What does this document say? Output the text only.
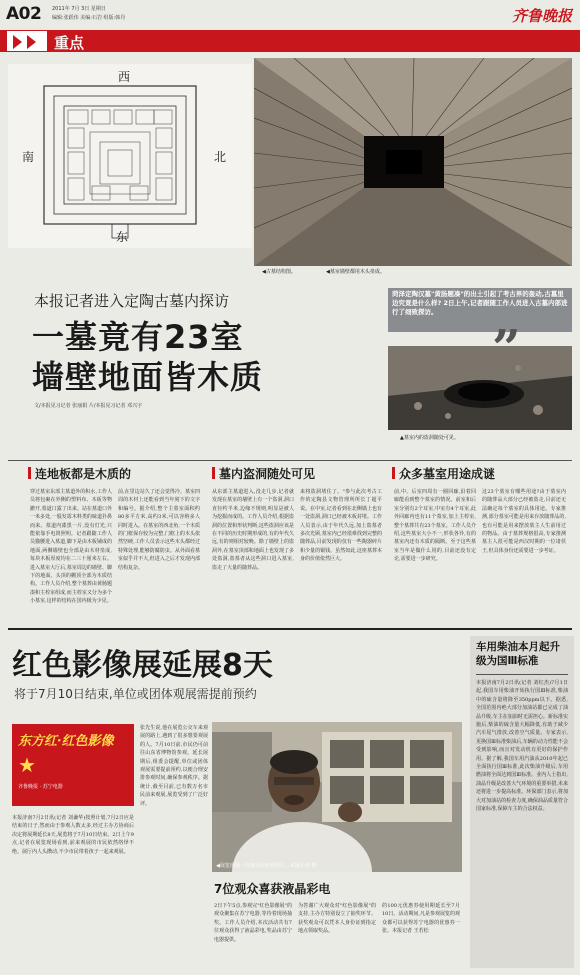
A02 2011年 7月 3日 星期日
编辑:张跃伟 美编:石岩 组版:韩丹	齐鲁晚报
重点
西
北
南
东
◀古墓结构图。	◀墓室墙壁都用木头垒成。
本报记者进入定陶古墓内探访
一墓竟有23室
墙壁地面皆木质
文/本报见习记者 张丽娟 片/本报见习记者 邓兴宇
菏泽定陶汉墓"黄肠题凑"的出土引起了考古界的轰动,古墓里边究竟是什么样? 2日上午,记者跟随工作人员进入古墓内部进行了细致探访。
▲墓室内的盗洞随处可见。
连地板都是木质的	墓内盗洞随处可见	众多墓室用途成谜
穿过墓室东部主墓道外的积水,工作人员将包裹在外侧的塑料布、木板等物撤开,墓道口露了出来。站在墓道口外一米多处,一股发霉木料类的味道扑鼻而来。墓道内漆黑一片,没有灯光,只能依靠手电筒照明。记者跟随工作人员猫腰进入墓道,脚下是由木板铺成的地面,两侧墙壁也全部是由木材垒成,每块木板厚度均在二三十厘米左右。进入墓室大厅后,墓室周边的墙壁、脚下的地面、头顶的棚顶全部为木质结构。工作人员介绍,整个墓葬由黄肠题凑和主椁室组成,而主椁室又分为多个小墓室,这样的结构在国内极为少见。
前,在里边站久了还会觉得冷。墓室四周的木材上还能看到当年刻下的文字和编号。据介绍,整个主墓室面积约80多平方米,高约3米,可以容纳多人同时进入。在墓室的西北角,一个木质的门框保存较为完整,门框上的木头依然坚硬,工作人员表示这些木头都经过特殊处理,能够防腐防虫。从外面看墓室似乎并不大,但进入之后才发现内部结构复杂。
从东部主墓道进入,没走几步,记者就发现在墓室的墙壁上有一个盗洞,洞口直径约半米,边缘不规则,明显是被人为挖掘而成的。工作人员介绍,根据盗洞的位置和形状判断,这些盗洞应该是在不同的历史时期形成的,有的年代久远,有的则相对较晚。除了墙壁上的盗洞外,在墓室顶部和地面上也发现了多处盗洞,盗墓者从这些洞口进入墓室,盗走了大量的随葬品。
来将盗洞堵住了。"参与此次考古工作的定陶县文物管理所所长丁超平说。在中室,记者看到在北侧墙上也有一处盗洞,洞口已经被木板封堵。工作人员表示,由于年代久远,加上盗墓者多次光顾,墓室内已经很难找到完整的随葬品,目前发现的仅有一些陶器碎片和少量的铜钱。虽然如此,这座墓葬本身的价值依然巨大。
前,中、后室四周有一圈回廊,沿着回廊能看到整个墓室的情况。前室和后室分别有2个耳室,中室有4个耳室,此外回廊内也有11个墓室,加上主椁室,整个墓葬共有23个墓室。工作人员介绍,这些墓室大小不一,形状各异,有的墓室内还有木质的隔断。至于这些墓室当年是做什么用的,目前还没有定论,需要进一步研究。
这23个墓室有哪些用途?由于墓室内的随葬品大部分已经被盗走,目前还无法确定每个墓室的具体用途。专家推测,部分墓室可能是用来存放随葬品的,也有可能是用来摆放墓主人生前用过的物品。由于墓葬规格很高,专家推测墓主人很可能是西汉时期的一位诸侯王,但具体身份还需要进一步考证。
红色影像展延展8天
将于7月10日结束,单位或团体观展需提前预约
东方红·红色影像
★
齐鲁晚报 · 苏宁电器
本报济南7月2日讯(记者 刘谦华)按照计划,7月2日应是结束的日子,然而由于参观人数太多,经过主办方协商后决定将展期延长8天,展览将于7月10日结束。2日上午9点,记者在展览现场看到,前来观展的市民依然络绎不绝。展厅内人头攒动,不少市民带着孩子一起来观展。
张先生说,他在展览公交车来观展的路上,遇到了很多想要观展的人。7月10日前,市民仍可前往山东省博物馆参观。延长展期后,组委会提醒,单位或团体观展需要提前预约,以便合理安排参观时间,确保参观秩序。据统计,截至目前,已有数万名市民前来观展,展览受到了广泛好评。
◀展览现场一位观众在欣赏照片。本报记者 摄
7位观众喜获液晶彩电
2日下午5点,参观完"红色影像展"的观众聚集在苏宁电器,等待着现场抽奖。工作人员介绍,本次活动共有7位观众获得了液晶彩电,奖品由苏宁电器提供。
为答谢广大观众对"红色影像展"的支持,主办方特别设立了抽奖环节。获奖观众可以凭本人身份证到指定地点领取奖品。
的100元优惠券使用期延长至7月10日。活动期间,凡是参观展览的观众都可以获得苏宁电器的优惠券一张。本报记者 王若松
车用柴油本月起升级为国Ⅲ标准
本报济南7月2日讯(记者 刘红杰)7月1日起,我国车用柴油开始执行国Ⅲ标准,柴油中的硫含量将降至350ppm以下。据悉,全国范围内绝大部分加油站都已完成了油品升级,车主在加油时无需担心。新标准实施后,柴油的硫含量大幅降低,有助于减少汽车尾气排放,改善空气质量。专家表示,更换国Ⅲ标准柴油后,车辆的动力性能不会受到影响,而且对发动机有更好的保护作用。据了解,我国车用汽油从2010年起已全面执行国Ⅲ标准,此次柴油升级后,车用燃油将全面达到国Ⅲ标准。业内人士指出,油品升级是改善大气环境的重要举措,未来还将进一步提高标准。环保部门表示,将加大对加油站的检查力度,确保油品质量符合国家标准,保障车主的合法权益。
